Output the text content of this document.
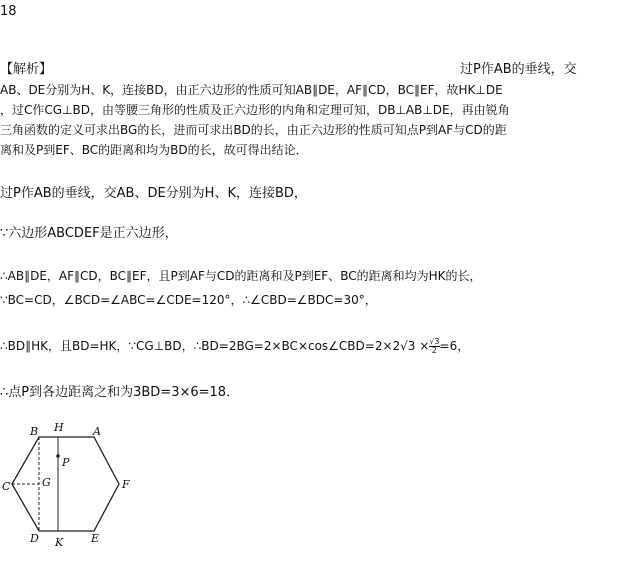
18
【解析】	过P作AB的垂线，交
AB、DE分别为H、K，连接BD，由正六边形的性质可知AB∥DE，AF∥CD，BC∥EF，故HK⊥DE
，过C作CG⊥BD，由等腰三角形的性质及正六边形的内角和定理可知，DB⊥AB⊥DE，再由锐角
三角函数的定义可求出BG的长，进而可求出BD的长，由正六边形的性质可知点P到AF与CD的距
离和及P到EF、BC的距离和均为BD的长，故可得出结论．
过P作AB的垂线，交AB、DE分别为H、K，连接BD，
∵六边形ABCDEF是正六边形，
∴AB∥DE，AF∥CD，BC∥EF，且P到AF与CD的距离和及P到EF、BC的距离和均为HK的长，
∵BC=CD，∠BCD=∠ABC=∠CDE=120°，∴∠CBD=∠BDC=30°，
∴BD∥HK，且BD=HK，∵CG⊥BD，∴BD=2BG=2×BC×cos∠CBD=2×2√3 × $\frac{√3}{2} =6$，
∴点P到各边距离之和为3BD=3×6=18．
B H	A
P
C	G	F
D K	E
